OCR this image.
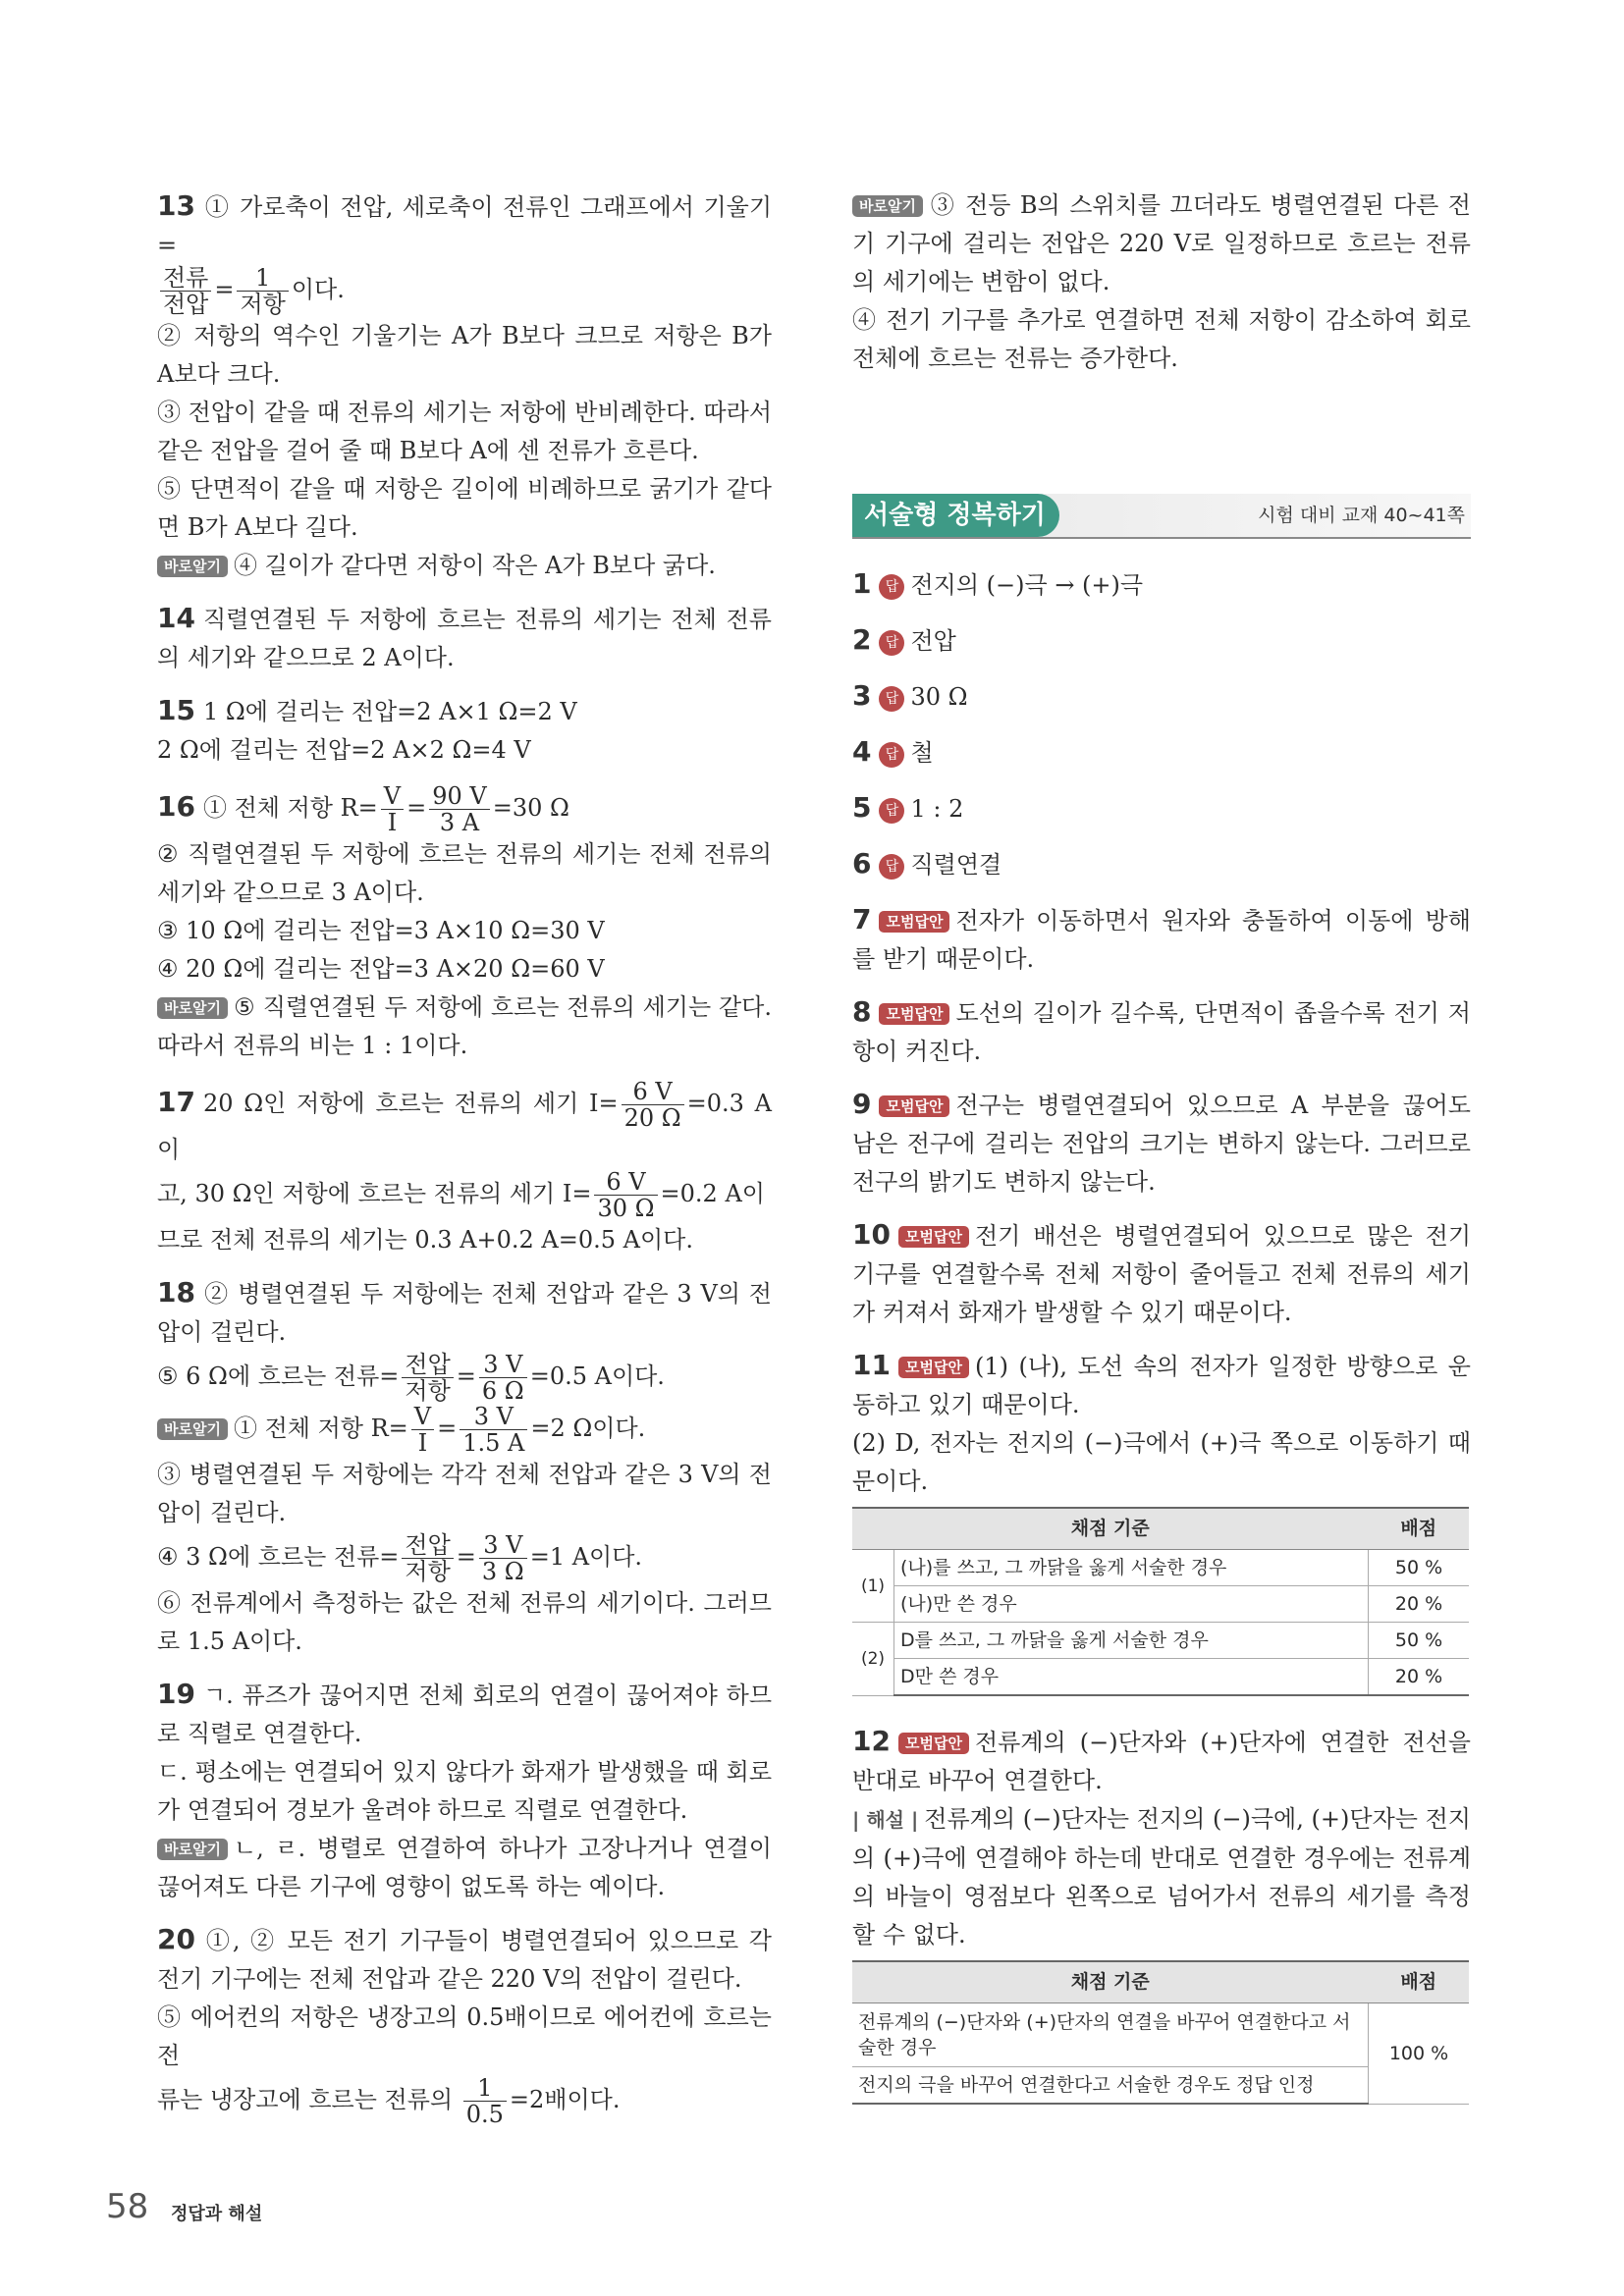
13 ① 가로축이 전압, 세로축이 전류인 그래프에서 기울기=

$\frac{\text{전류}}{\text{전압}} = \frac{1}{\text{저항}}$ 이다.
② 저항의 역수인 기울기는 A가 B보다 크므로 저항은 B가 A보다 크다.
③ 전압이 같을 때 전류의 세기는 저항에 반비례한다. 따라서 같은 전압을 걸어 줄 때 B보다 A에 센 전류가 흐른다.
⑤ 단면적이 같을 때 저항은 길이에 비례하므로 굵기가 같다면 B가 A보다 길다.
바로알기 ④ 길이가 같다면 저항이 작은 A가 B보다 굵다.
14 직렬연결된 두 저항에 흐르는 전류의 세기는 전체 전류의 세기와 같으므로 2 A이다.
15 1 Ω에 걸리는 전압=2 A×1 Ω=2 V
2 Ω에 걸리는 전압=2 A×2 Ω=4 V
16 ① 전체 저항 $R= \frac{V}{I} = \frac{90 V}{3 A} =30$ Ω
② 직렬연결된 두 저항에 흐르는 전류의 세기는 전체 전류의 세기와 같으므로 3 A이다.
③ 10 Ω에 걸리는 전압=3 A×10 Ω=30 V
④ 20 Ω에 걸리는 전압=3 A×20 Ω=60 V
바로알기 ⑤ 직렬연결된 두 저항에 흐르는 전류의 세기는 같다. 따라서 전류의 비는 1 : 1이다.
17 20 Ω인 저항에 흐르는 전류의 세기 $I= \frac{6 V}{20 \Omega} =0.3$ A이
고, 30 Ω인 저항에 흐르는 전류의 세기 $I= \frac{6 V}{30 \Omega} =0.2$ A이
므로 전체 전류의 세기는 0.3 A+0.2 A=0.5 A이다.
18 ② 병렬연결된 두 저항에는 전체 전압과 같은 3 V의 전압이 걸린다.
⑤ 6 Ω에 흐르는 전류= $\frac{\text{전압}}{\text{저항}} = \frac{3 V}{6 \Omega} =0.5$ A이다.
바로알기 ① 전체 저항 $R= \frac{V}{I} = \frac{3 V}{1.5 A} =2$ Ω이다.
③ 병렬연결된 두 저항에는 각각 전체 전압과 같은 3 V의 전압이 걸린다.
④ 3 Ω에 흐르는 전류= $\frac{\text{전압}}{\text{저항}} = \frac{3 V}{3 \Omega} =1$ A이다.
⑥ 전류계에서 측정하는 값은 전체 전류의 세기이다. 그러므로 1.5 A이다.
19 ㄱ. 퓨즈가 끊어지면 전체 회로의 연결이 끊어져야 하므로 직렬로 연결한다.
ㄷ. 평소에는 연결되어 있지 않다가 화재가 발생했을 때 회로가 연결되어 경보가 울려야 하므로 직렬로 연결한다.
바로알기 ㄴ, ㄹ. 병렬로 연결하여 하나가 고장나거나 연결이 끊어져도 다른 기구에 영향이 없도록 하는 예이다.
20 ①, ② 모든 전기 기구들이 병렬연결되어 있으므로 각 전기 기구에는 전체 전압과 같은 220 V의 전압이 걸린다.
⑤ 에어컨의 저항은 냉장고의 0.5배이므로 에어컨에 흐르는 전
류는 냉장고에 흐르는 전류의 $\frac{1}{0.5} =2$배이다.
바로알기 ③ 전등 B의 스위치를 끄더라도 병렬연결된 다른 전기 기구에 걸리는 전압은 220 V로 일정하므로 흐르는 전류의 세기에는 변함이 없다.
④ 전기 기구를 추가로 연결하면 전체 저항이 감소하여 회로 전체에 흐르는 전류는 증가한다.
서술형 정복하기	시험 대비 교재 40~41쪽
1 답 전지의 (−)극 → (+)극
2 답 전압
3 답 30 Ω
4 답 철
5 답 1 : 2
6 답 직렬연결
7 모범답안 전자가 이동하면서 원자와 충돌하여 이동에 방해를 받기 때문이다.
8 모범답안 도선의 길이가 길수록, 단면적이 좁을수록 전기 저항이 커진다.
9 모범답안 전구는 병렬연결되어 있으므로 A 부분을 끊어도 남은 전구에 걸리는 전압의 크기는 변하지 않는다. 그러므로 전구의 밝기도 변하지 않는다.
10 모범답안 전기 배선은 병렬연결되어 있으므로 많은 전기 기구를 연결할수록 전체 저항이 줄어들고 전체 전류의 세기가 커져서 화재가 발생할 수 있기 때문이다.
11 모범답안 (1) (나), 도선 속의 전자가 일정한 방향으로 운동하고 있기 때문이다.
(2) D, 전자는 전지의 (−)극에서 (+)극 쪽으로 이동하기 때문이다.
채점 기준		배점
(1)	(나)를 쓰고, 그 까닭을 옳게 서술한 경우	50 %
	(나)만 쓴 경우	20 %
(2)	D를 쓰고, 그 까닭을 옳게 서술한 경우	50 %
	D만 쓴 경우	20 %
12 모범답안 전류계의 (−)단자와 (+)단자에 연결한 전선을 반대로 바꾸어 연결한다.
| 해설 | 전류계의 (−)단자는 전지의 (−)극에, (+)단자는 전지의 (+)극에 연결해야 하는데 반대로 연결한 경우에는 전류계의 바늘이 영점보다 왼쪽으로 넘어가서 전류의 세기를 측정할 수 없다.
채점 기준	배점
전류계의 (−)단자와 (+)단자의 연결을 바꾸어 연결한다고 서술한 경우	100 %
전지의 극을 바꾸어 연결한다고 서술한 경우도 정답 인정	
58 정답과 해설
